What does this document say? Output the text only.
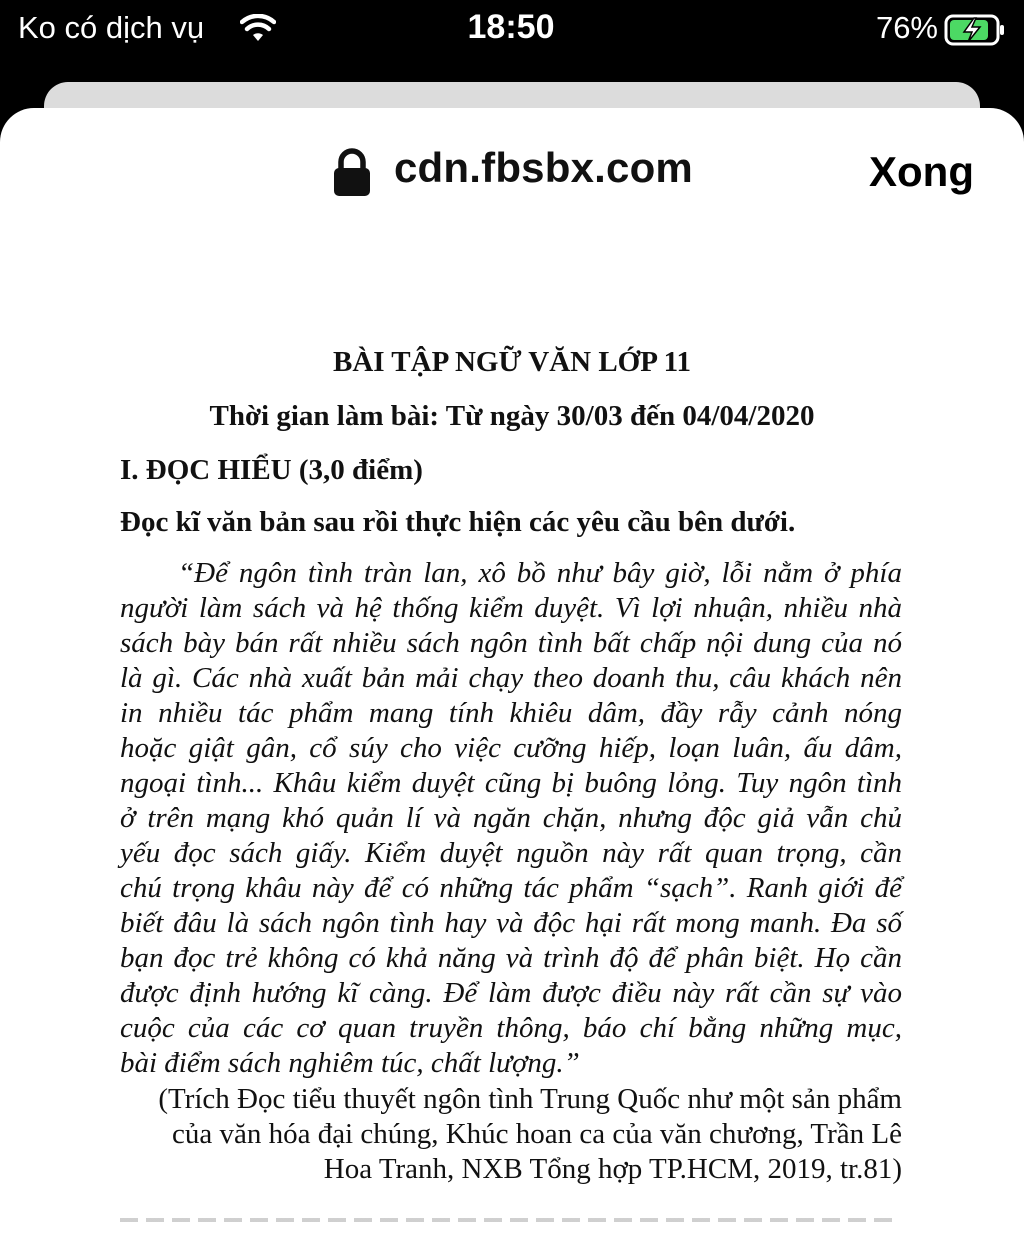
Ko có dịch vụ	18:50	76%
cdn.fbsbx.com	Xong
BÀI TẬP NGỮ VĂN LỚP 11
Thời gian làm bài: Từ ngày 30/03 đến 04/04/2020
I. ĐỌC HIỂU (3,0 điểm)
Đọc kĩ văn bản sau rồi thực hiện các yêu cầu bên dưới.
“Để ngôn tình tràn lan, xô bồ như bây giờ, lỗi nằm ở phía
người làm sách và hệ thống kiểm duyệt. Vì lợi nhuận, nhiều nhà
sách bày bán rất nhiều sách ngôn tình bất chấp nội dung của nó
là gì. Các nhà xuất bản mải chạy theo doanh thu, câu khách nên
in nhiều tác phẩm mang tính khiêu dâm, đầy rẫy cảnh nóng
hoặc giật gân, cổ súy cho việc cưỡng hiếp, loạn luân, ấu dâm,
ngoại tình... Khâu kiểm duyệt cũng bị buông lỏng. Tuy ngôn tình
ở trên mạng khó quản lí và ngăn chặn, nhưng độc giả vẫn chủ
yếu đọc sách giấy. Kiểm duyệt nguồn này rất quan trọng, cần
chú trọng khâu này để có những tác phẩm “sạch”. Ranh giới để
biết đâu là sách ngôn tình hay và độc hại rất mong manh. Đa số
bạn đọc trẻ không có khả năng và trình độ để phân biệt. Họ cần
được định hướng kĩ càng. Để làm được điều này rất cần sự vào
cuộc của các cơ quan truyền thông, báo chí bằng những mục,
bài điểm sách nghiêm túc, chất lượng.”
(Trích Đọc tiểu thuyết ngôn tình Trung Quốc như một sản phẩm
của văn hóa đại chúng, Khúc hoan ca của văn chương, Trần Lê
Hoa Tranh, NXB Tổng hợp TP.HCM, 2019, tr.81)
